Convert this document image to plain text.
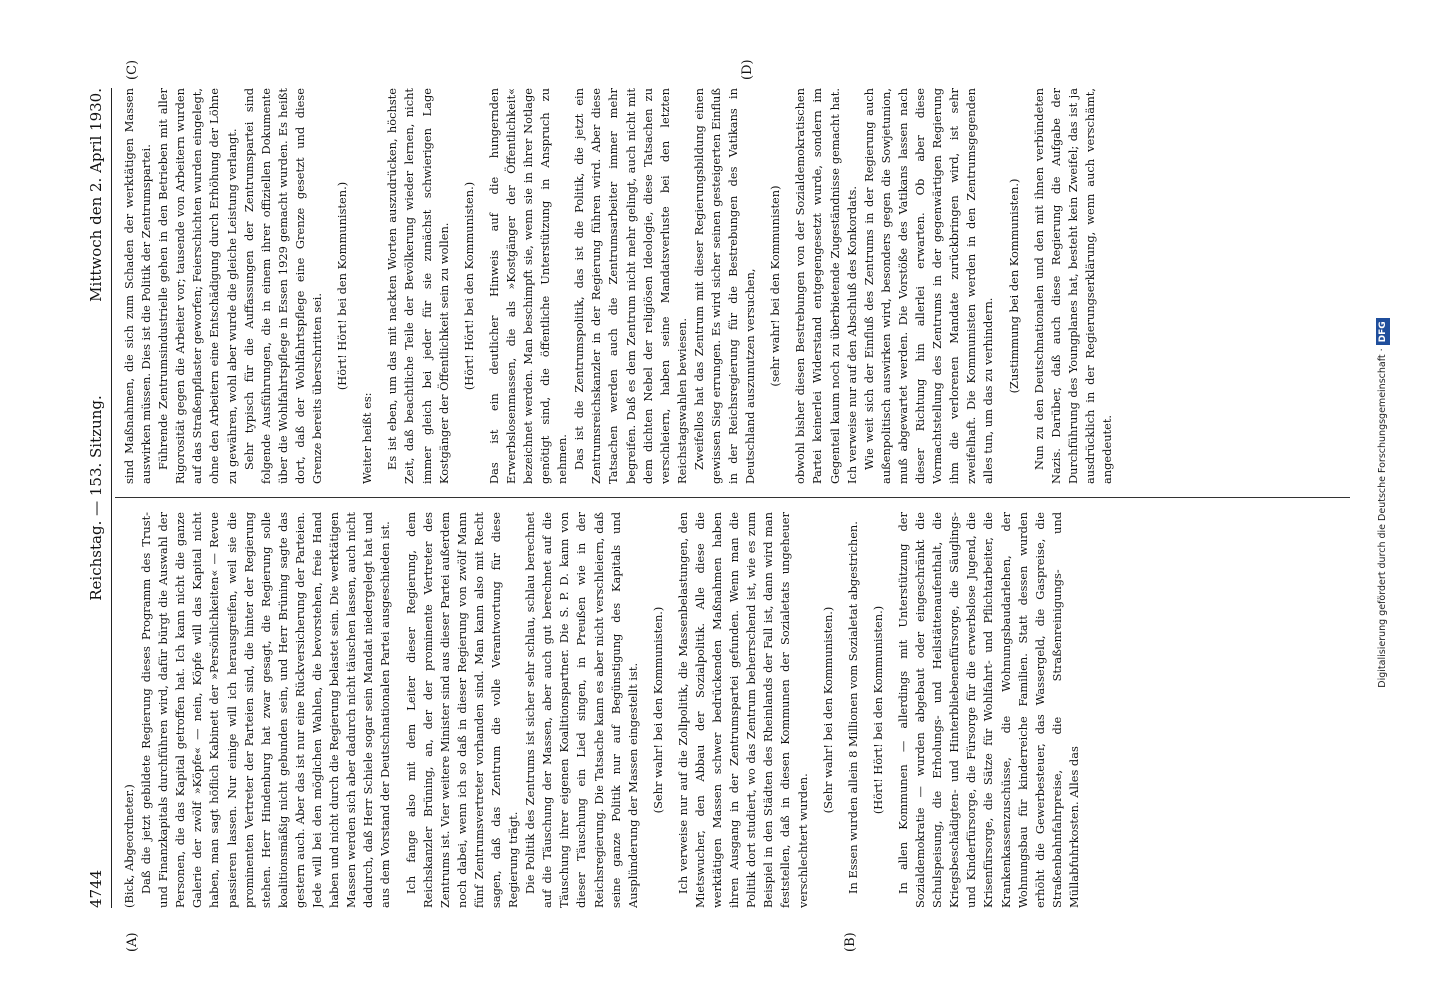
Reichstag. — 153. Sitzung.
4744
Mittwoch den 2. April 1930.

(Bick, Abgeordneter.) Daß die jetzt gebildete Regierung dieses Programm des Trust- und Finanzkapitals durchführen wird, dafür bürgt die Auswahl der Personen, die das Kapital getroffen hat. Ich kann nicht die ganze Galerie der zwölf »Köpfe« — nein, Köpfe will das Kapital nicht haben, man sagt höflich Kabinett der »Persönlichkeiten« — Revue passieren lassen. Nur einige will ich herausgreifen, weil sie die prominenten Vertreter der Parteien sind, die hinter der Regierung stehen. Herr Hindenburg hat zwar gesagt, die Regierung solle koalitionsmäßig nicht gebunden sein, und Herr Brüning sagte das gestern auch. Aber das ist nur eine Rückversicherung der Parteien. Jede will bei den möglichen Wahlen, die bevorstehen, freie Hand haben und nicht durch die Regierung belastet sein. Die werktätigen Massen werden sich aber dadurch nicht täuschen lassen, auch nicht dadurch, daß Herr Schiele sogar sein Mandat niedergelegt hat und aus dem Vorstand der Deutschnationalen Partei ausgeschieden ist. Ich fange also mit dem Leiter dieser Regierung, dem Reichskanzler Brüning, an, der der prominente Vertreter des Zentrums ist. Vier weitere Minister sind aus dieser Partei außerdem noch dabei, wenn ich so daß in dieser Regierung von zwölf Mann fünf Zentrumsvertreter vorhanden sind. Man kann also mit Recht sagen, daß das Zentrum die volle Verantwortung für diese Regierung trägt. Die Politik des Zentrums ist sicher sehr schlau, schlau berechnet auf die Täuschung der Massen, aber auch gut berechnet auf die Täuschung ihrer eigenen Koalitionspartner. Die S. P. D. kann von dieser Täuschung ein Lied singen, in Preußen wie in der Reichsregierung. Die Tatsache kann es aber nicht verschleiern, daß seine ganze Politik nur auf Begünstigung des Kapitals und Ausplünderung der Massen eingestellt ist. (Sehr wahr! bei den Kommunisten.) Ich verweise nur auf die Zollpolitik, die Massenbelastungen, den Mietswucher, den Abbau der Sozialpolitik. Alle diese die werktätigen Massen schwer bedrückenden Maßnahmen haben ihren Ausgang in der Zentrumspartei gefunden. Wenn man die Politik dort studiert, wo das Zentrum beherrschend ist, wie es zum Beispiel in den Städten des Rheinlands der Fall ist, dann wird man feststellen, daß in diesen Kommunen der Sozialetats ungeheuer verschlechtert wurden.

(Sehr wahr! bei den Kommunisten.) In Essen wurden allein 8 Millionen vom Sozialetat abgestrichen. (Hört! Hört! bei den Kommunisten.) In allen Kommunen — allerdings mit Unterstützung der Sozialdemokratie — wurden abgebaut oder eingeschränkt die Schulspeisung, die Erholungs- und Heilstättenaufenthalt, die Kriegsbeschädigten- und Hinterbliebenenfürsorge, die Säuglings- und Kinderfürsorge, die Fürsorge für die erwerbslose Jugend, die Krisenfürsorge, die Sätze für Wohlfahrt- und Pflichtarbeiter, die Krankenkassenzuschüsse, die Wohnungsbaudarlehen, der Wohnungsbau für kinderreiche Familien. Statt dessen wurden erhöht die Gewerbesteuer, das Wassergeld, die Gaspreise, die Straßenbahnfahrpreise, die Straßenreinigungs- und Müllabfuhrkosten. Alles das

sind Maßnahmen, die sich zum Schaden der werktätigen Massen auswirken müssen. Dies ist die Politik der Zentrumspartei. Führende Zentrumsindustrielle gehen in den Betrieben mit aller Rigorosität gegen die Arbeiter vor; tausende von Arbeitern wurden auf das Straßenpflaster geworfen; Feierschichten wurden eingelegt, ohne den Arbeitern eine Entschädigung durch Erhöhung der Löhne zu gewähren, wohl aber wurde die gleiche Leistung verlangt. Sehr typisch für die Auffassungen der Zentrumspartei sind folgende Ausführungen, die in einem ihrer offiziellen Dokumente über die Wohlfahrtspflege in Essen 1929 gemacht wurden. Es heißt dort, daß der Wohlfahrtspflege eine Grenze gesetzt und diese Grenze bereits überschritten sei. (Hört! Hört! bei den Kommunisten.)

Weiter heißt es: Es ist eben, um das mit nackten Worten auszudrücken, höchste Zeit, daß beachtliche Teile der Bevölkerung wieder lernen, nicht immer gleich bei jeder für sie zunächst schwierigen Lage Kostgänger der Öffentlichkeit sein zu wollen. (Hört! Hört! bei den Kommunisten.) Das ist ein deutlicher Hinweis auf die hungernden Erwerbslosenmassen, die als »Kostgänger der Öffentlichkeit« bezeichnet werden. Man beschimpft sie, wenn sie in ihrer Notlage genötigt sind, die öffentliche Unterstützung in Anspruch zu nehmen. Das ist die Zentrumspolitik, das ist die Politik, die jetzt ein Zentrumsreichskanzler in der Regierung führen wird. Aber diese Tatsachen werden auch die Zentrumsarbeiter immer mehr begreifen. Daß es dem Zentrum nicht mehr gelingt, auch nicht mit dem dichten Nebel der religiösen Ideologie, diese Tatsachen zu verschleiern, haben seine Mandatsverluste bei den letzten Reichstagswahlen bewiesen. Zweifellos hat das Zentrum mit dieser Regierungsbildung einen gewissen Sieg errungen. Es wird sicher seinen gesteigerten Einfluß in der Reichsregierung für die Bestrebungen des Vatikans in Deutschland auszunutzen versuchen, (sehr wahr! bei den Kommunisten) obwohl bisher diesen Bestrebungen von der Sozialdemokratischen Partei keinerlei Widerstand entgegengesetzt wurde, sondern im Gegenteil kaum noch zu überbietende Zugeständnisse gemacht hat. Ich verweise nur auf den Abschluß des Konkordats. Wie weit sich der Einfluß des Zentrums in der Regierung auch außenpolitisch auswirken wird, besonders gegen die Sowjetunion, muß abgewartet werden. Die Vorstöße des Vatikans lassen nach dieser Richtung hin allerlei erwarten. Ob aber diese Vormachtstellung des Zentrums in der gegenwärtigen Regierung ihm die verlorenen Mandate zurückbringen wird, ist sehr zweifelhaft. Die Kommunisten werden in den Zentrumsgegenden alles tun, um das zu verhindern. (Zustimmung bei den Kommunisten.) Nun zu den Deutschnationalen und den mit ihnen verbündeten Nazis. Darüber, daß auch diese Regierung die Aufgabe der Durchführung des Youngplanes hat, besteht kein Zweifel; das ist ja ausdrücklich in der Regierungserklärung, wenn auch verschämt, angedeutet.

(A)	(B)
(C)	(D)
Digitalisierung gefördert durch die Deutsche Forschungsgemeinschaft ·DFG
